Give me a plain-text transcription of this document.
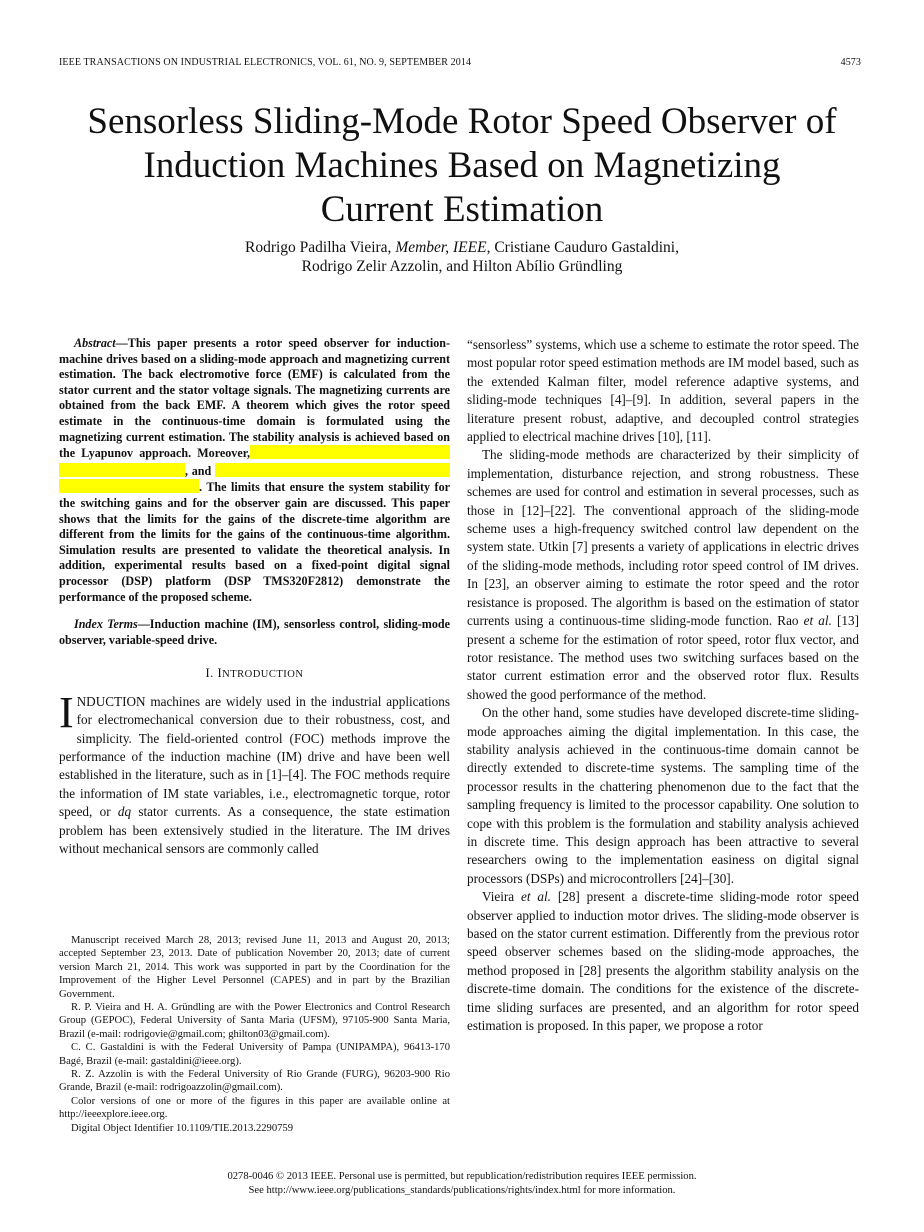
IEEE TRANSACTIONS ON INDUSTRIAL ELECTRONICS, VOL. 61, NO. 9, SEPTEMBER 2014	4573
Sensorless Sliding-Mode Rotor Speed Observer of
Induction Machines Based on Magnetizing
Current Estimation
Rodrigo Padilha Vieira, Member, IEEE, Cristiane Cauduro Gastaldini,
Rodrigo Zelir Azzolin, and Hilton Abílio Gründling

Abstract—This paper presents a rotor speed observer for induction-machine drives based on a sliding-mode approach and magnetizing current estimation. The back electromotive force (EMF) is calculated from the stator current and the stator voltage signals. The magnetizing currents are obtained from the back EMF. A theorem which gives the rotor speed estimate in the continuous-time domain is formulated using the magnetizing current estimation. The stability analysis is achieved based on the Lyapunov approach. Moreover,, and . The limits that ensure the system stability for the switching gains and for the observer gain are discussed. This paper shows that the limits for the gains of the discrete-time algorithm are different from the limits for the gains of the continuous-time algorithm. Simulation results are presented to validate the theoretical analysis. In addition, experimental results based on a fixed-point digital signal processor (DSP) platform (DSP TMS320F2812) demonstrate the performance of the proposed scheme.

Index Terms—Induction machine (IM), sensorless control, sliding-mode observer, variable-speed drive.

I. INTRODUCTION

INDUCTION machines are widely used in the industrial applications for electromechanical conversion due to their robustness, cost, and simplicity. The field-oriented control (FOC) methods improve the performance of the induction machine (IM) drive and have been well established in the literature, such as in [1]–[4]. The FOC methods require the information of IM state variables, i.e., electromagnetic torque, rotor speed, or dq stator currents. As a consequence, the state estimation problem has been extensively studied in the literature. The IM drives without mechanical sensors are commonly called

Manuscript received March 28, 2013; revised June 11, 2013 and August 20, 2013; accepted September 23, 2013. Date of publication November 20, 2013; date of current version March 21, 2014. This work was supported in part by the Coordination for the Improvement of the Higher Level Personnel (CAPES) and in part by the Brazilian Government.

R. P. Vieira and H. A. Gründling are with the Power Electronics and Control Research Group (GEPOC), Federal University of Santa Maria (UFSM), 97105-900 Santa Maria, Brazil (e-mail: rodrigovie@gmail.com; ghilton03@gmail.com).

C. C. Gastaldini is with the Federal University of Pampa (UNIPAMPA), 96413-170 Bagé, Brazil (e-mail: gastaldini@ieee.org).

R. Z. Azzolin is with the Federal University of Rio Grande (FURG), 96203-900 Rio Grande, Brazil (e-mail: rodrigoazzolin@gmail.com).

Color versions of one or more of the figures in this paper are available online at http://ieeexplore.ieee.org.

Digital Object Identifier 10.1109/TIE.2013.2290759

“sensorless” systems, which use a scheme to estimate the rotor speed. The most popular rotor speed estimation methods are IM model based, such as the extended Kalman filter, model reference adaptive systems, and sliding-mode techniques [4]–[9]. In addition, several papers in the literature present robust, adaptive, and decoupled control strategies applied to electrical machine drives [10], [11].

The sliding-mode methods are characterized by their simplicity of implementation, disturbance rejection, and strong robustness. These schemes are used for control and estimation in several processes, such as those in [12]–[22]. The conventional approach of the sliding-mode scheme uses a high-frequency switched control law dependent on the system state. Utkin [7] presents a variety of applications in electric drives of the sliding-mode methods, including rotor speed control of IM drives. In [23], an observer aiming to estimate the rotor speed and the rotor resistance is proposed. The algorithm is based on the estimation of stator currents using a continuous-time sliding-mode function. Rao et al. [13] present a scheme for the estimation of rotor speed, rotor flux vector, and rotor resistance. The method uses two switching surfaces based on the stator current estimation error and the observed rotor flux. Results showed the good performance of the method.

On the other hand, some studies have developed discrete-time sliding-mode approaches aiming the digital implementation. In this case, the stability analysis achieved in the continuous-time domain cannot be directly extended to discrete-time systems. The sampling time of the processor results in the chattering phenomenon due to the fact that the sampling frequency is limited to the processor capability. One solution to cope with this problem is the formulation and stability analysis achieved in discrete time. This design approach has been attractive to several researchers owing to the implementation easiness on digital signal processors (DSPs) and microcontrollers [24]–[30].

Vieira et al. [28] present a discrete-time sliding-mode rotor speed observer applied to induction motor drives. The sliding-mode observer is based on the stator current estimation. Differently from the previous rotor speed observer schemes based on the sliding-mode approaches, the method proposed in [28] presents the algorithm stability analysis on the discrete-time domain. The conditions for the existence of the discrete-time sliding surfaces are presented, and an algorithm for rotor speed estimation is proposed. In this paper, we propose a rotor

0278-0046 © 2013 IEEE. Personal use is permitted, but republication/redistribution requires IEEE permission.
See http://www.ieee.org/publications_standards/publications/rights/index.html for more information.
